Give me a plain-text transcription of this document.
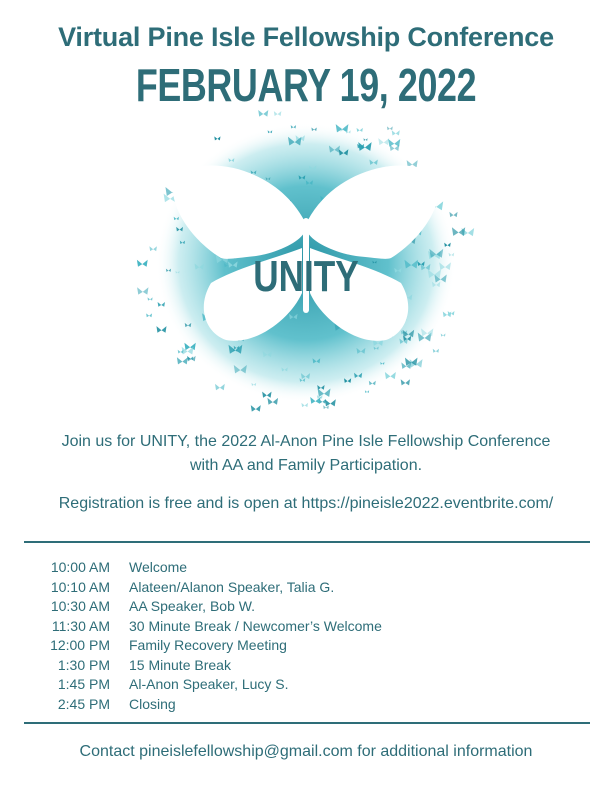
Virtual Pine Isle Fellowship Conference
FEBRUARY 19, 2022
UNITY
Join us for UNITY, the 2022 Al-Anon Pine Isle Fellowship Conference
with AA and Family Participation.
Registration is free and is open at https://pineisle2022.eventbrite.com/
10:00 AM Welcome
10:10 AM Alateen/Alanon Speaker, Talia G.
10:30 AM AA Speaker, Bob W.
11:30 AM 30 Minute Break / Newcomer’s Welcome
12:00 PM Family Recovery Meeting
1:30 PM 15 Minute Break
1:45 PM Al-Anon Speaker, Lucy S.
2:45 PM Closing
Contact pineislefellowship@gmail.com for additional information
